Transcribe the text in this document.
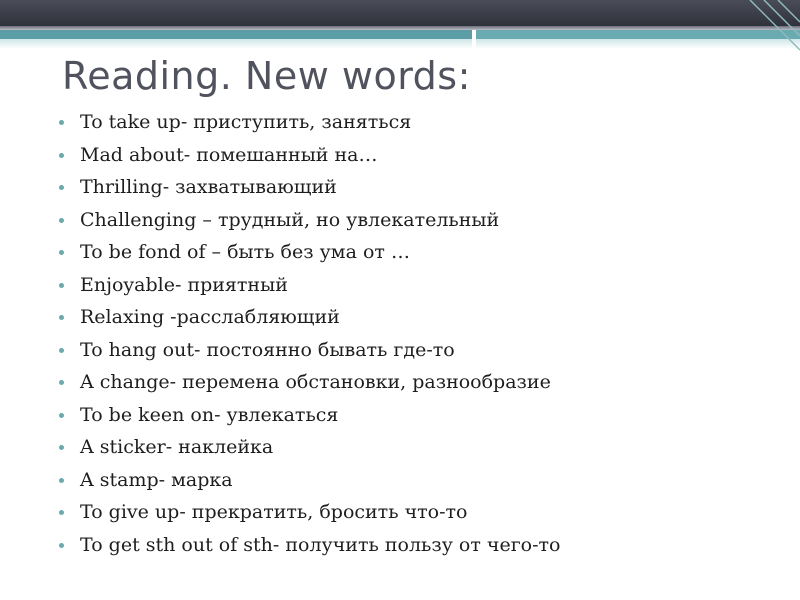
Reading. New words:
To take up- приступить, заняться
Mad about- помешанный на…
Thrilling- захватывающий
Challenging – трудный, но увлекательный
To be fond of – быть без ума от …
Enjoyable- приятный
Relaxing -расслабляющий
To hang out- постоянно бывать где-то
A change- перемена обстановки, разнообразие
To be keen on- увлекаться
A sticker- наклейка
A stamp- марка
To give up- прекратить, бросить что-то
To get sth out of sth- получить пользу от чего-то
